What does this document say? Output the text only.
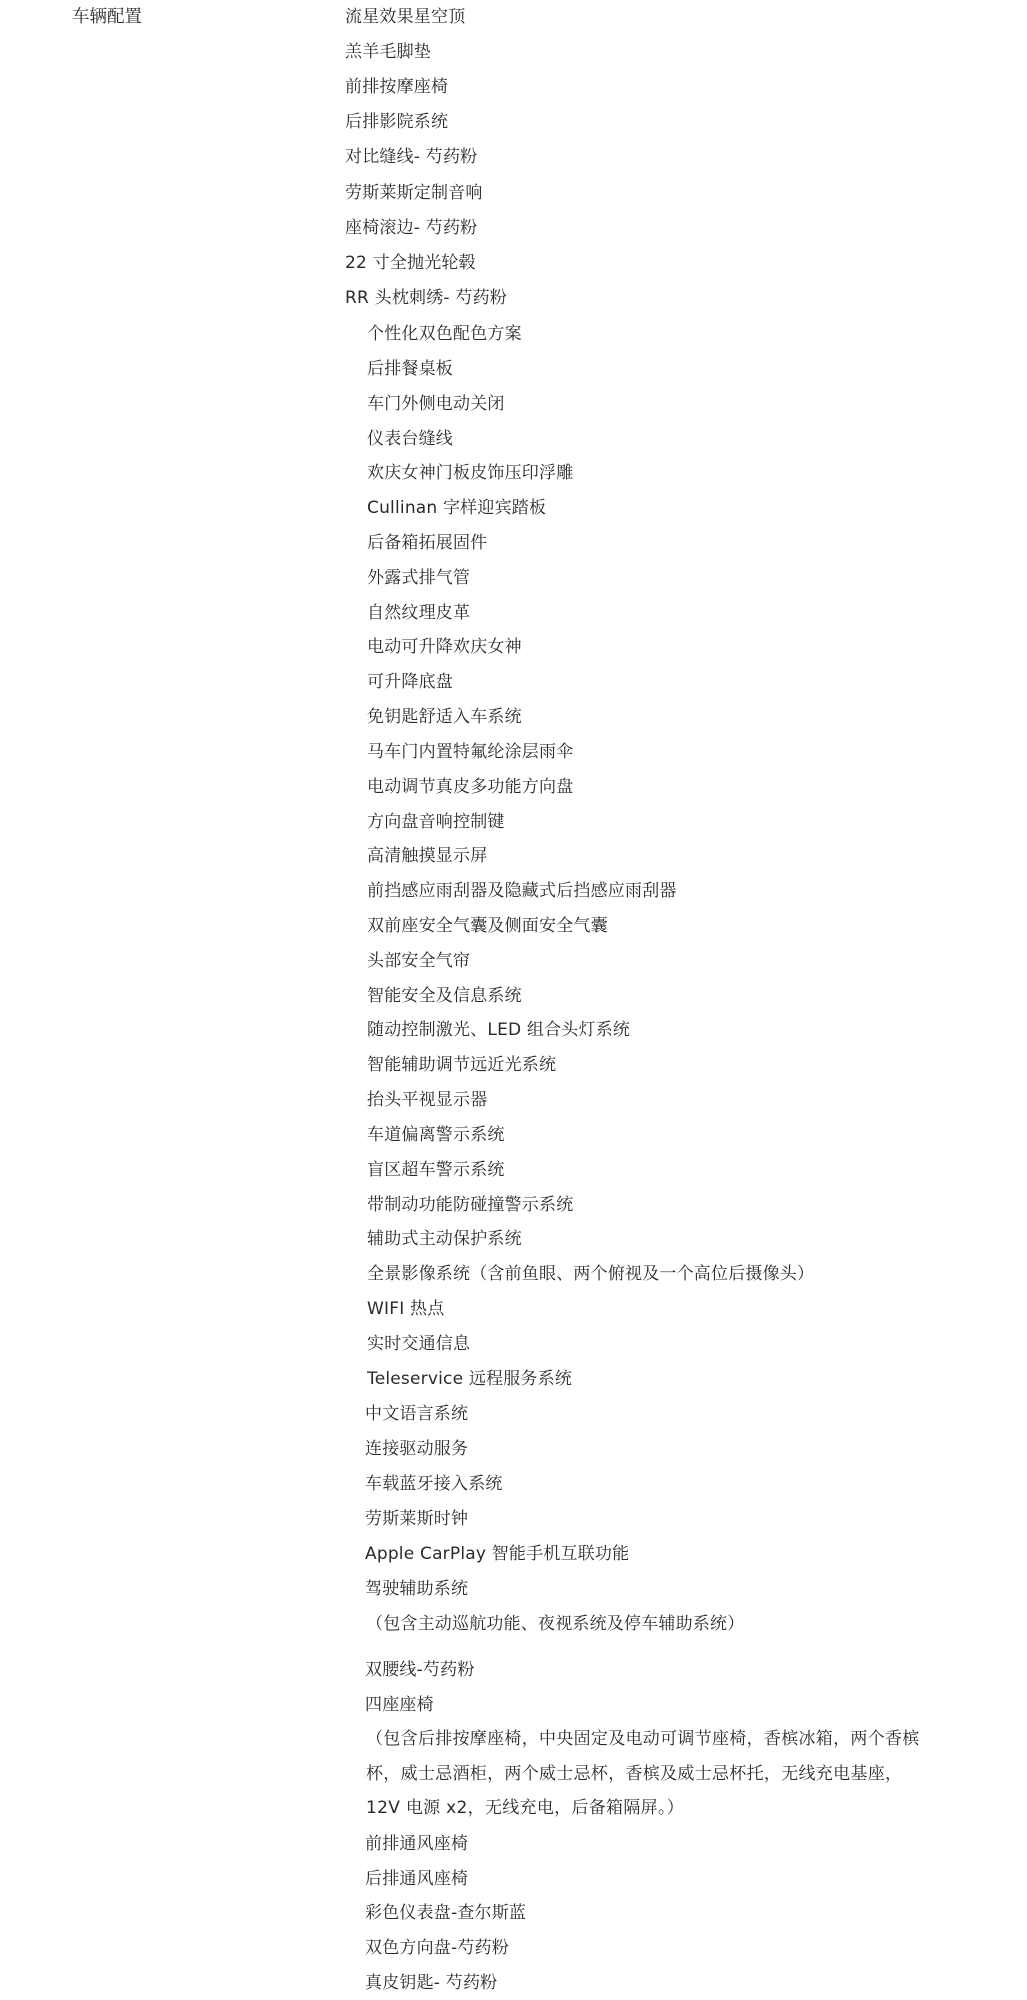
车辆配置	流星效果星空顶
羔羊毛脚垫
前排按摩座椅
后排影院系统
对比缝线- 芍药粉
劳斯莱斯定制音响
座椅滚边- 芍药粉
22 寸全抛光轮毂
RR 头枕刺绣- 芍药粉
个性化双色配色方案
后排餐桌板
车门外侧电动关闭
仪表台缝线
欢庆女神门板皮饰压印浮雕
Cullinan 字样迎宾踏板
后备箱拓展固件
外露式排气管
自然纹理皮革
电动可升降欢庆女神
可升降底盘
免钥匙舒适入车系统
马车门内置特氟纶涂层雨伞
电动调节真皮多功能方向盘
方向盘音响控制键
高清触摸显示屏
前挡感应雨刮器及隐藏式后挡感应雨刮器
双前座安全气囊及侧面安全气囊
头部安全气帘
智能安全及信息系统
随动控制激光、LED 组合头灯系统
智能辅助调节远近光系统
抬头平视显示器
车道偏离警示系统
盲区超车警示系统
带制动功能防碰撞警示系统
辅助式主动保护系统
全景影像系统（含前鱼眼、两个俯视及一个高位后摄像头）
WIFI 热点
实时交通信息
Teleservice 远程服务系统
中文语言系统
连接驱动服务
车载蓝牙接入系统
劳斯莱斯时钟
Apple CarPlay 智能手机互联功能
驾驶辅助系统
（包含主动巡航功能、夜视系统及停车辅助系统）
双腰线-芍药粉
四座座椅
（包含后排按摩座椅，中央固定及电动可调节座椅，香槟冰箱，两个香槟杯，威士忌酒柜，两个威士忌杯，香槟及威士忌杯托，无线充电基座，12V 电源 x2，无线充电，后备箱隔屏。）
前排通风座椅
后排通风座椅
彩色仪表盘-查尔斯蓝
双色方向盘-芍药粉
真皮钥匙- 芍药粉
